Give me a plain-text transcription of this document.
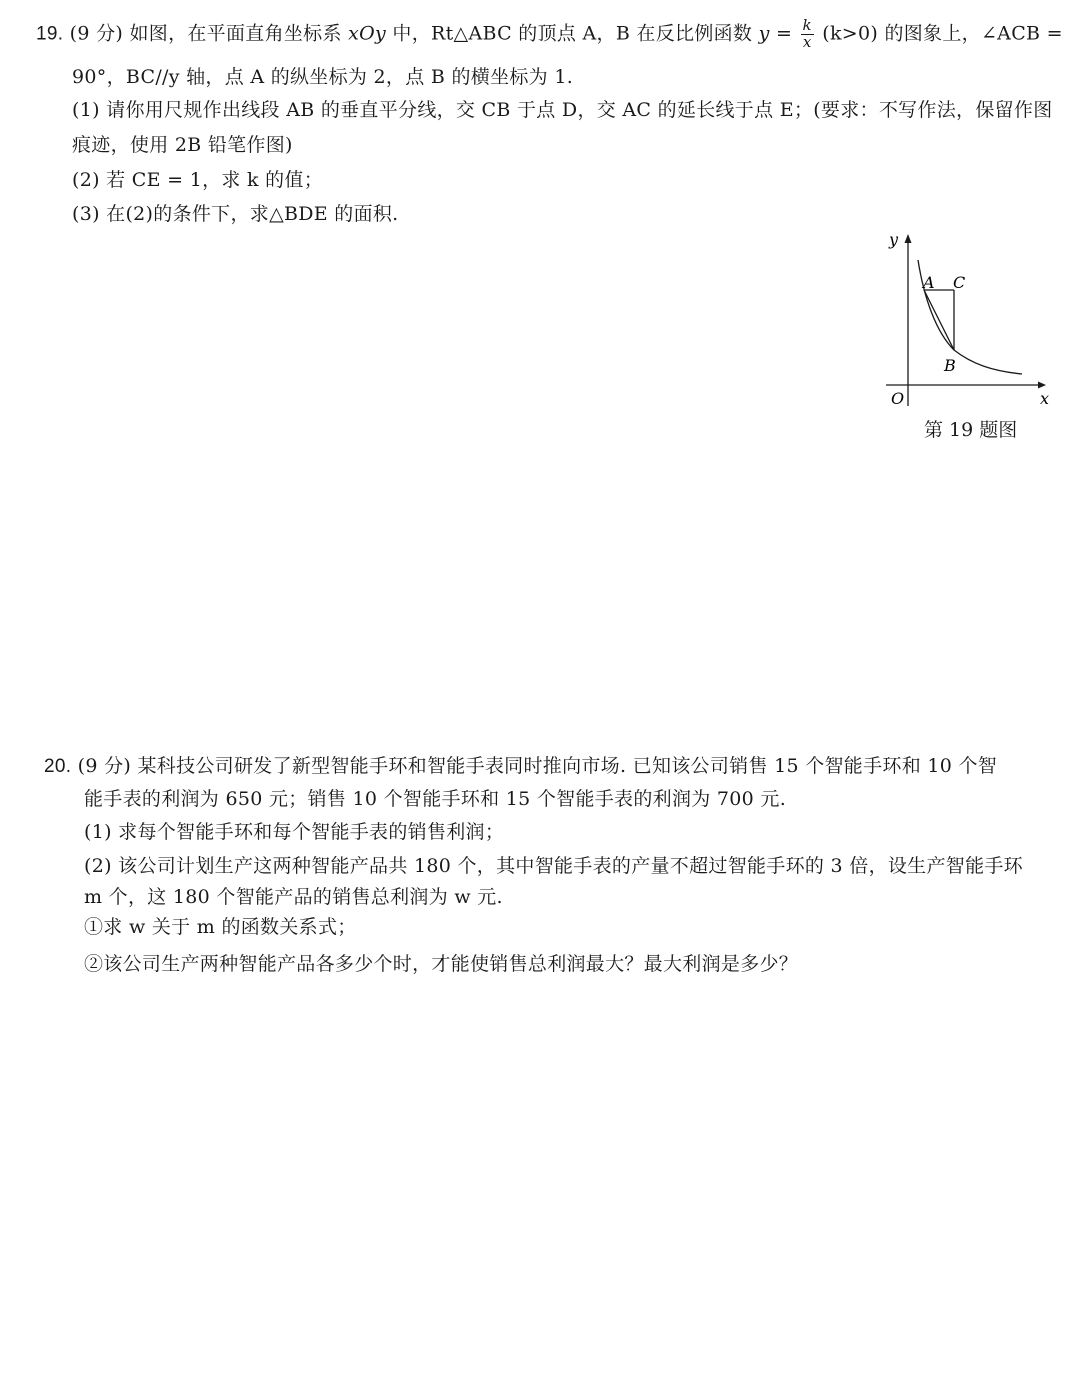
19. (9 分) 如图，在平面直角坐标系 xOy 中，Rt△ABC 的顶点 A，B 在反比例函数 $y = \frac{k}{x} (k>0)$ 的图象上，∠ACB =
90°，BC//y 轴，点 A 的纵坐标为 2，点 B 的横坐标为 1.
(1) 请你用尺规作出线段 AB 的垂直平分线，交 CB 于点 D，交 AC 的延长线于点 E；(要求：不写作法，保留作图
痕迹，使用 2B 铅笔作图)
(2) 若 CE = 1，求 k 的值；
(3) 在(2)的条件下，求△BDE 的面积.
y
x
O
A C
B
第 19 题图
20. (9 分) 某科技公司研发了新型智能手环和智能手表同时推向市场. 已知该公司销售 15 个智能手环和 10 个智
能手表的利润为 650 元；销售 10 个智能手环和 15 个智能手表的利润为 700 元.
(1) 求每个智能手环和每个智能手表的销售利润；
(2) 该公司计划生产这两种智能产品共 180 个，其中智能手表的产量不超过智能手环的 3 倍，设生产智能手环
m 个，这 180 个智能产品的销售总利润为 w 元.
①求 w 关于 m 的函数关系式；
②该公司生产两种智能产品各多少个时，才能使销售总利润最大？最大利润是多少？
